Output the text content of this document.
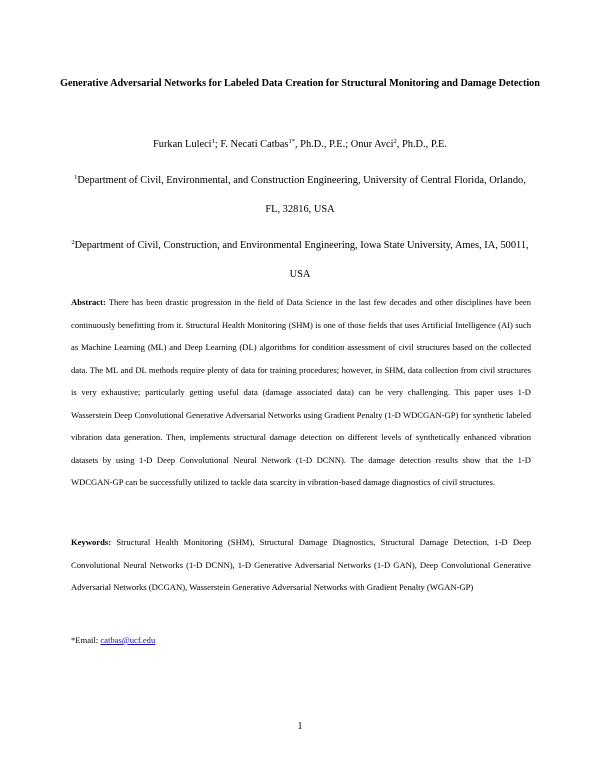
Generative Adversarial Networks for Labeled Data Creation for Structural Monitoring and Damage Detection
Furkan Luleci$^1$; F. Necati Catbas$^{1*}$, Ph.D., P.E.; Onur Avci$^2$, Ph.D., P.E.
$^1$Department of Civil, Environmental, and Construction Engineering, University of Central Florida, Orlando, FL, 32816, USA
$^2$Department of Civil, Construction, and Environmental Engineering, Iowa State University, Ames, IA, 50011, USA
Abstract: There has been drastic progression in the field of Data Science in the last few decades and other disciplines have been continuously benefitting from it. Structural Health Monitoring (SHM) is one of those fields that uses Artificial Intelligence (AI) such as Machine Learning (ML) and Deep Learning (DL) algorithms for condition assessment of civil structures based on the collected data. The ML and DL methods require plenty of data for training procedures; however, in SHM, data collection from civil structures is very exhaustive; particularly getting useful data (damage associated data) can be very challenging. This paper uses 1-D Wasserstein Deep Convolutional Generative Adversarial Networks using Gradient Penalty (1-D WDCGAN-GP) for synthetic labeled vibration data generation. Then, implements structural damage detection on different levels of synthetically enhanced vibration datasets by using 1-D Deep Convolutional Neural Network (1-D DCNN). The damage detection results show that the 1-D WDCGAN-GP can be successfully utilized to tackle data scarcity in vibration-based damage diagnostics of civil structures.
Keywords: Structural Health Monitoring (SHM), Structural Damage Diagnostics, Structural Damage Detection, 1-D Deep Convolutional Neural Networks (1-D DCNN), 1-D Generative Adversarial Networks (1-D GAN), Deep Convolutional Generative Adversarial Networks (DCGAN), Wasserstein Generative Adversarial Networks with Gradient Penalty (WGAN-GP)
*Email: catbas@ucf.edu
1
